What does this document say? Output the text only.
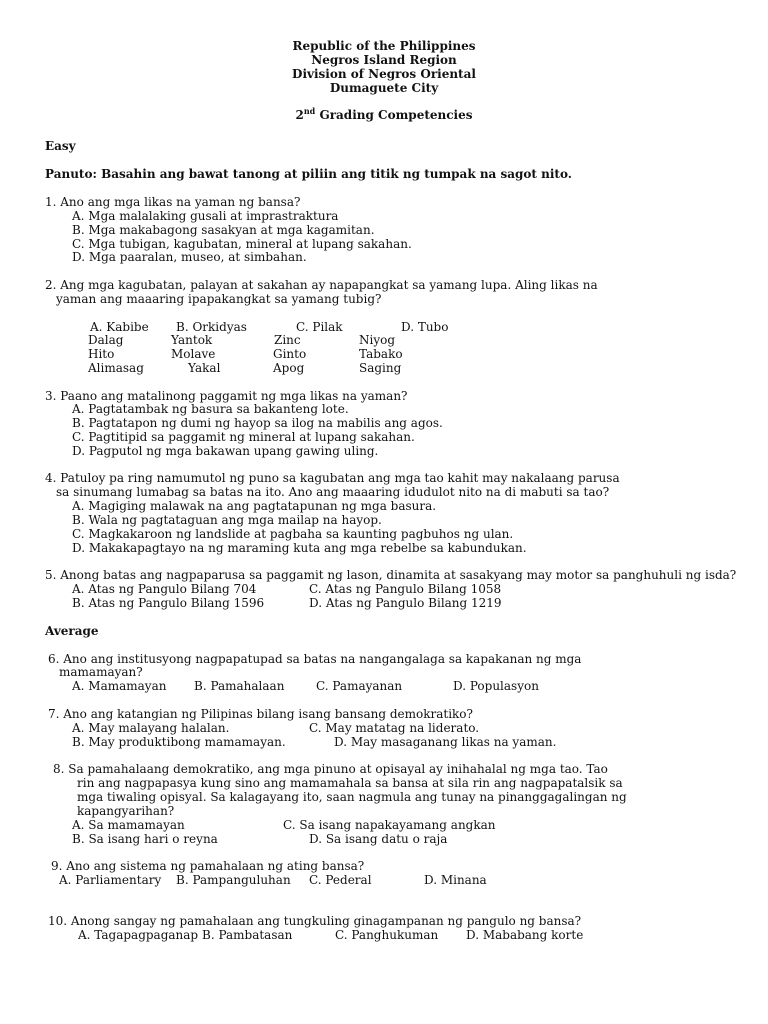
Republic of the Philippines
Negros Island Region
Division of Negros Oriental
Dumaguete City
2nd Grading Competencies
Easy
Panuto: Basahin ang bawat tanong at piliin ang titik ng tumpak na sagot nito.
1. Ano ang mga likas na yaman ng bansa?
A. Mga malalaking gusali at imprastraktura
B. Mga makabagong sasakyan at mga kagamitan.
C. Mga tubigan, kagubatan, mineral at lupang sakahan.
D. Mga paaralan, museo, at simbahan.
2. Ang mga kagubatan, palayan at sakahan ay napapangkat sa yamang lupa. Aling likas na
yaman ang maaaring ipapakangkat sa yamang tubig?
A. Kabibe B. Orkidyas	C. Pilak	D. Tubo
Dalag	Yantok	Zinc	Niyog
Hito	Molave	Ginto	Tabako
Alimasag	Yakal	Apog	Saging
3. Paano ang matalinong paggamit ng mga likas na yaman?
A. Pagtatambak ng basura sa bakanteng lote.
B. Pagtatapon ng dumi ng hayop sa ilog na mabilis ang agos.
C. Pagtitipid sa paggamit ng mineral at lupang sakahan.
D. Pagputol ng mga bakawan upang gawing uling.
4. Patuloy pa ring namumutol ng puno sa kagubatan ang mga tao kahit may nakalaang parusa
sa sinumang lumabag sa batas na ito. Ano ang maaaring idudulot nito na di mabuti sa tao?
A. Magiging malawak na ang pagtatapunan ng mga basura.
B. Wala ng pagtataguan ang mga mailap na hayop.
C. Magkakaroon ng landslide at pagbaha sa kaunting pagbuhos ng ulan.
D. Makakapagtayo na ng maraming kuta ang mga rebelbe sa kabundukan.
5. Anong batas ang nagpaparusa sa paggamit ng lason, dinamita at sasakyang may motor sa panghuhuli ng isda?
A. Atas ng Pangulo Bilang 704	C. Atas ng Pangulo Bilang 1058
B. Atas ng Pangulo Bilang 1596	D. Atas ng Pangulo Bilang 1219
Average
6. Ano ang institusyong nagpapatupad sa batas na nangangalaga sa kapakanan ng mga
mamamayan?
A. Mamamayan B. Pamahalaan	C. Pamayanan	D. Populasyon
7. Ano ang katangian ng Pilipinas bilang isang bansang demokratiko?
A. May malayang halalan.	C. May matatag na liderato.
B. May produktibong mamamayan.	D. May masaganang likas na yaman.
8. Sa pamahalaang demokratiko, ang mga pinuno at opisayal ay inihahalal ng mga tao. Tao
rin ang nagpapasya kung sino ang mamamahala sa bansa at sila rin ang nagpapatalsik sa
mga tiwaling opisyal. Sa kalagayang ito, saan nagmula ang tunay na pinanggagalingan ng
kapangyarihan?
A. Sa mamamayan	C. Sa isang napakayamang angkan
B. Sa isang hari o reyna	D. Sa isang datu o raja
9. Ano ang sistema ng pamahalaan ng ating bansa?
A. Parliamentary B. Pampanguluhan C. Pederal	D. Minana
10. Anong sangay ng pamahalaan ang tungkuling ginagampanan ng pangulo ng bansa?
A. Tagapagpaganap B. Pambatasan	C. Panghukuman D. Mababang korte
